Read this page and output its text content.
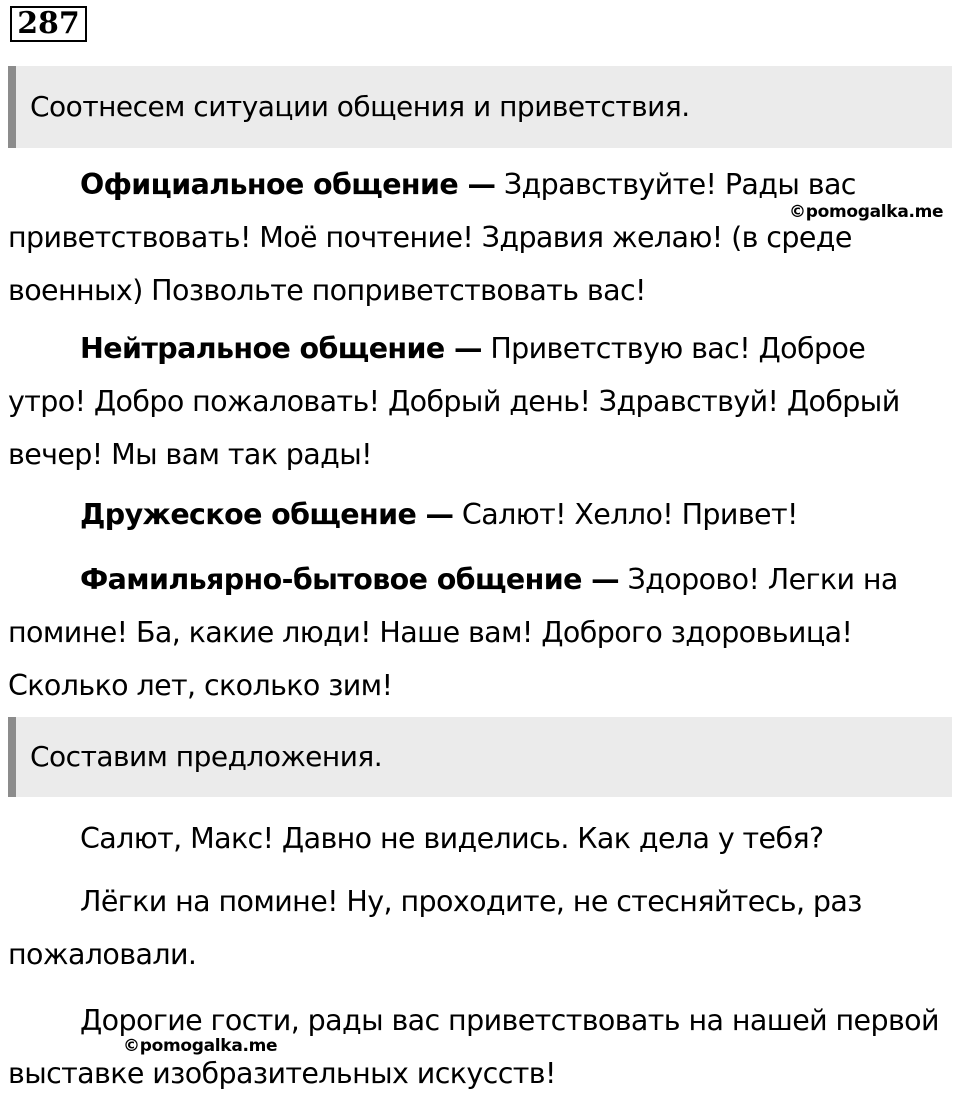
287
Соотнесем ситуации общения и приветствия.

Официальное общение — Здравствуйте! Рады вас приветствовать! Моё почтение! Здравия желаю! (в среде военных) Позвольте поприветствовать вас!

Нейтральное общение — Приветствую вас! Доброе утро! Добро пожаловать! Добрый день! Здравствуй! Добрый вечер! Мы вам так рады!

Дружеское общение — Салют! Хелло! Привет!

Фамильярно-бытовое общение — Здорово! Легки на помине! Ба, какие люди! Наше вам! Доброго здоровьица! Сколько лет, сколько зим!

Составим предложения.

Салют, Макс! Давно не виделись. Как дела у тебя?

Лёгки на помине! Ну, проходите, не стесняйтесь, раз пожаловали.

Дорогие гости, рады вас приветствовать на нашей первой выставке изобразительных искусств!

©pomogalka.me
©pomogalka.me
